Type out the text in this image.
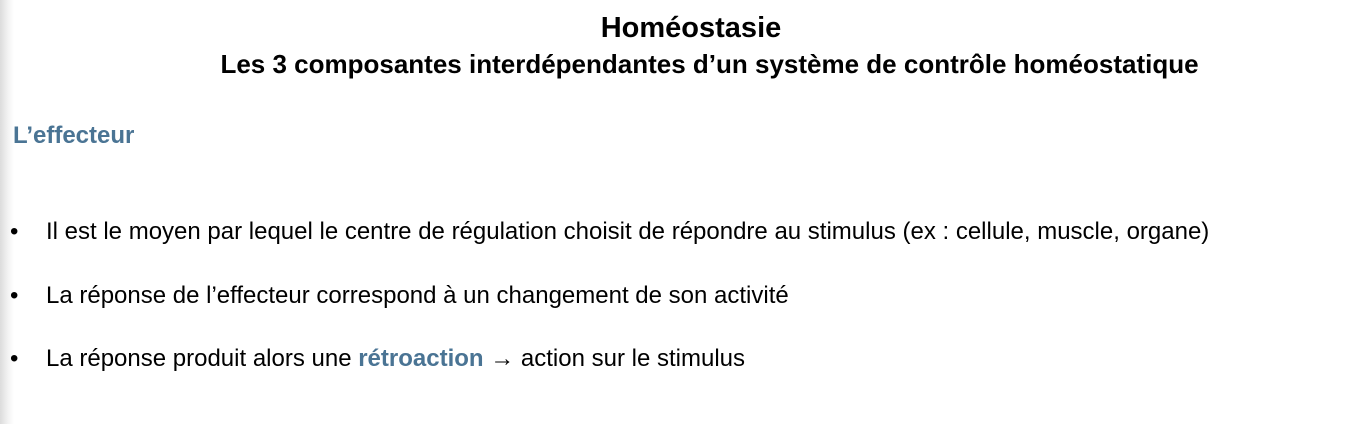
Homéostasie
Les 3 composantes interdépendantes d’un système de contrôle homéostatique
L’effecteur
• Il est le moyen par lequel le centre de régulation choisit de répondre au stimulus (ex : cellule, muscle, organe)
• La réponse de l’effecteur correspond à un changement de son activité
• La réponse produit alors une rétroaction → action sur le stimulus
